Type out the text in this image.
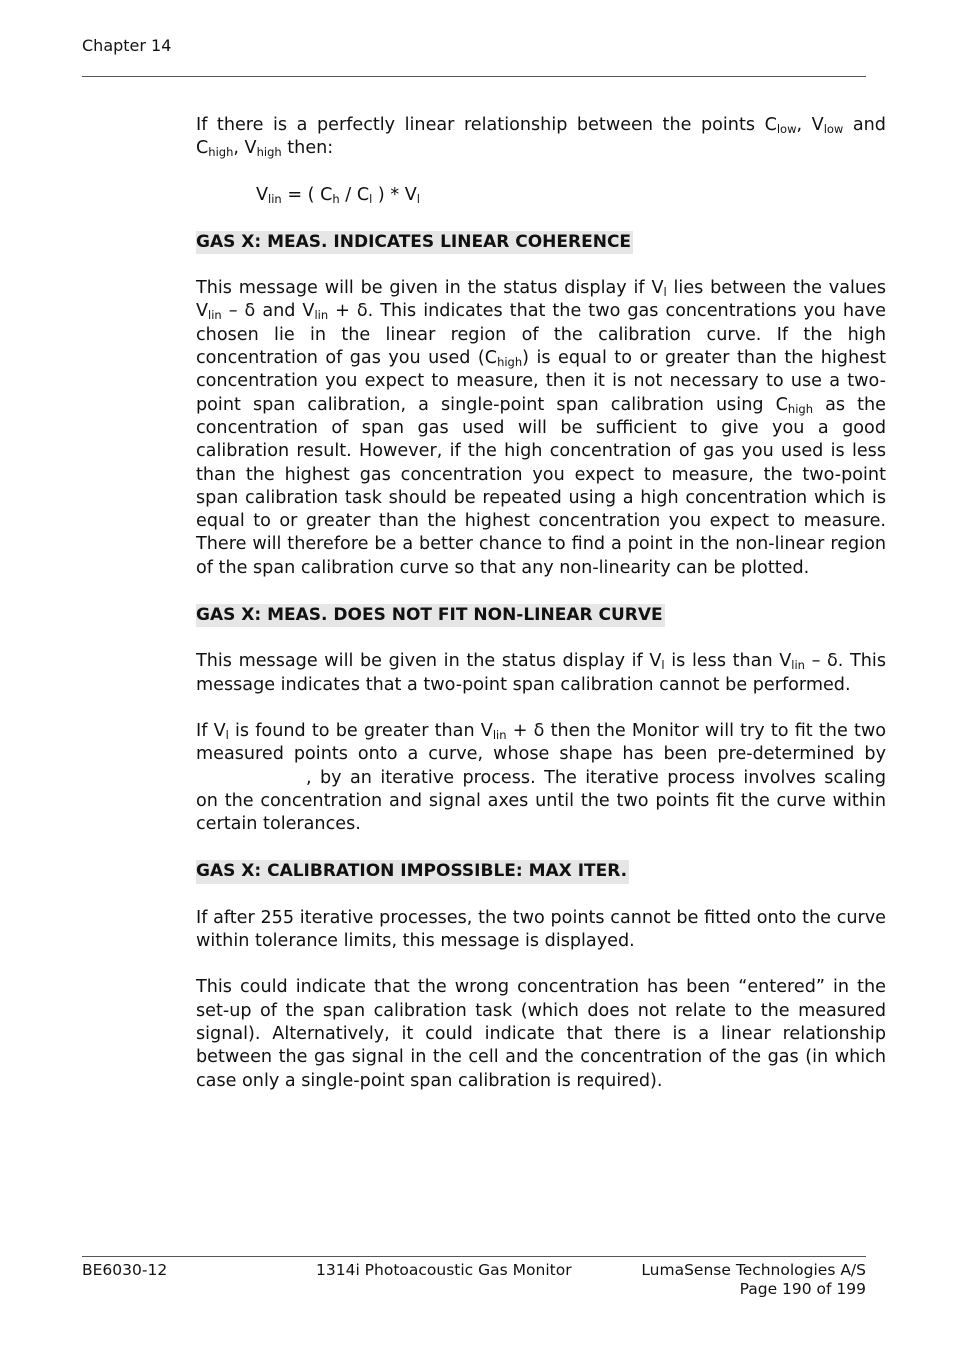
Chapter 14

If there is a perfectly linear relationship between the points $C_{low}$, $V_{low}$ and $C_{high}$, $V_{high}$ then:

$V_{lin}$ = ( $C_h / C_l$ ) * $V_l$

GAS X: MEAS. INDICATES LINEAR COHERENCE

This message will be given in the status display if $V_l$ lies between the values $V_{lin}$ – δ and $V_{lin} + \delta$. This indicates that the two gas concentrations you have chosen lie in the linear region of the calibration curve. If the high concentration of gas you used $(C_{high})$ is equal to or greater than the highest concentration you expect to measure, then it is not necessary to use a two-point span calibration, a single-point span calibration using $C_{high}$ as the concentration of span gas used will be sufficient to give you a good calibration result. However, if the high concentration of gas you used is less than the highest gas concentration you expect to measure, the two-point span calibration task should be repeated using a high concentration which is equal to or greater than the highest concentration you expect to measure. There will therefore be a better chance to find a point in the non-linear region of the span calibration curve so that any non-linearity can be plotted.

GAS X: MEAS. DOES NOT FIT NON-LINEAR CURVE

This message will be given in the status display if $V_l$ is less than $V_{lin}$ – δ. This message indicates that a two-point span calibration cannot be performed.

If $V_l$ is found to be greater than $V_{lin} + \delta$ then the Monitor will try to fit the two measured points onto a curve, whose shape has been pre-determined by, by an iterative process. The iterative process involves scaling on the concentration and signal axes until the two points fit the curve within certain tolerances.

GAS X: CALIBRATION IMPOSSIBLE: MAX ITER.

If after 255 iterative processes, the two points cannot be fitted onto the curve within tolerance limits, this message is displayed.

This could indicate that the wrong concentration has been “entered” in the set-up of the span calibration task (which does not relate to the measured signal). Alternatively, it could indicate that there is a linear relationship between the gas signal in the cell and the concentration of the gas (in which case only a single-point span calibration is required).

BE6030-12	1314i Photoacoustic Gas Monitor	LumaSense Technologies A/S
Page 190 of 199
